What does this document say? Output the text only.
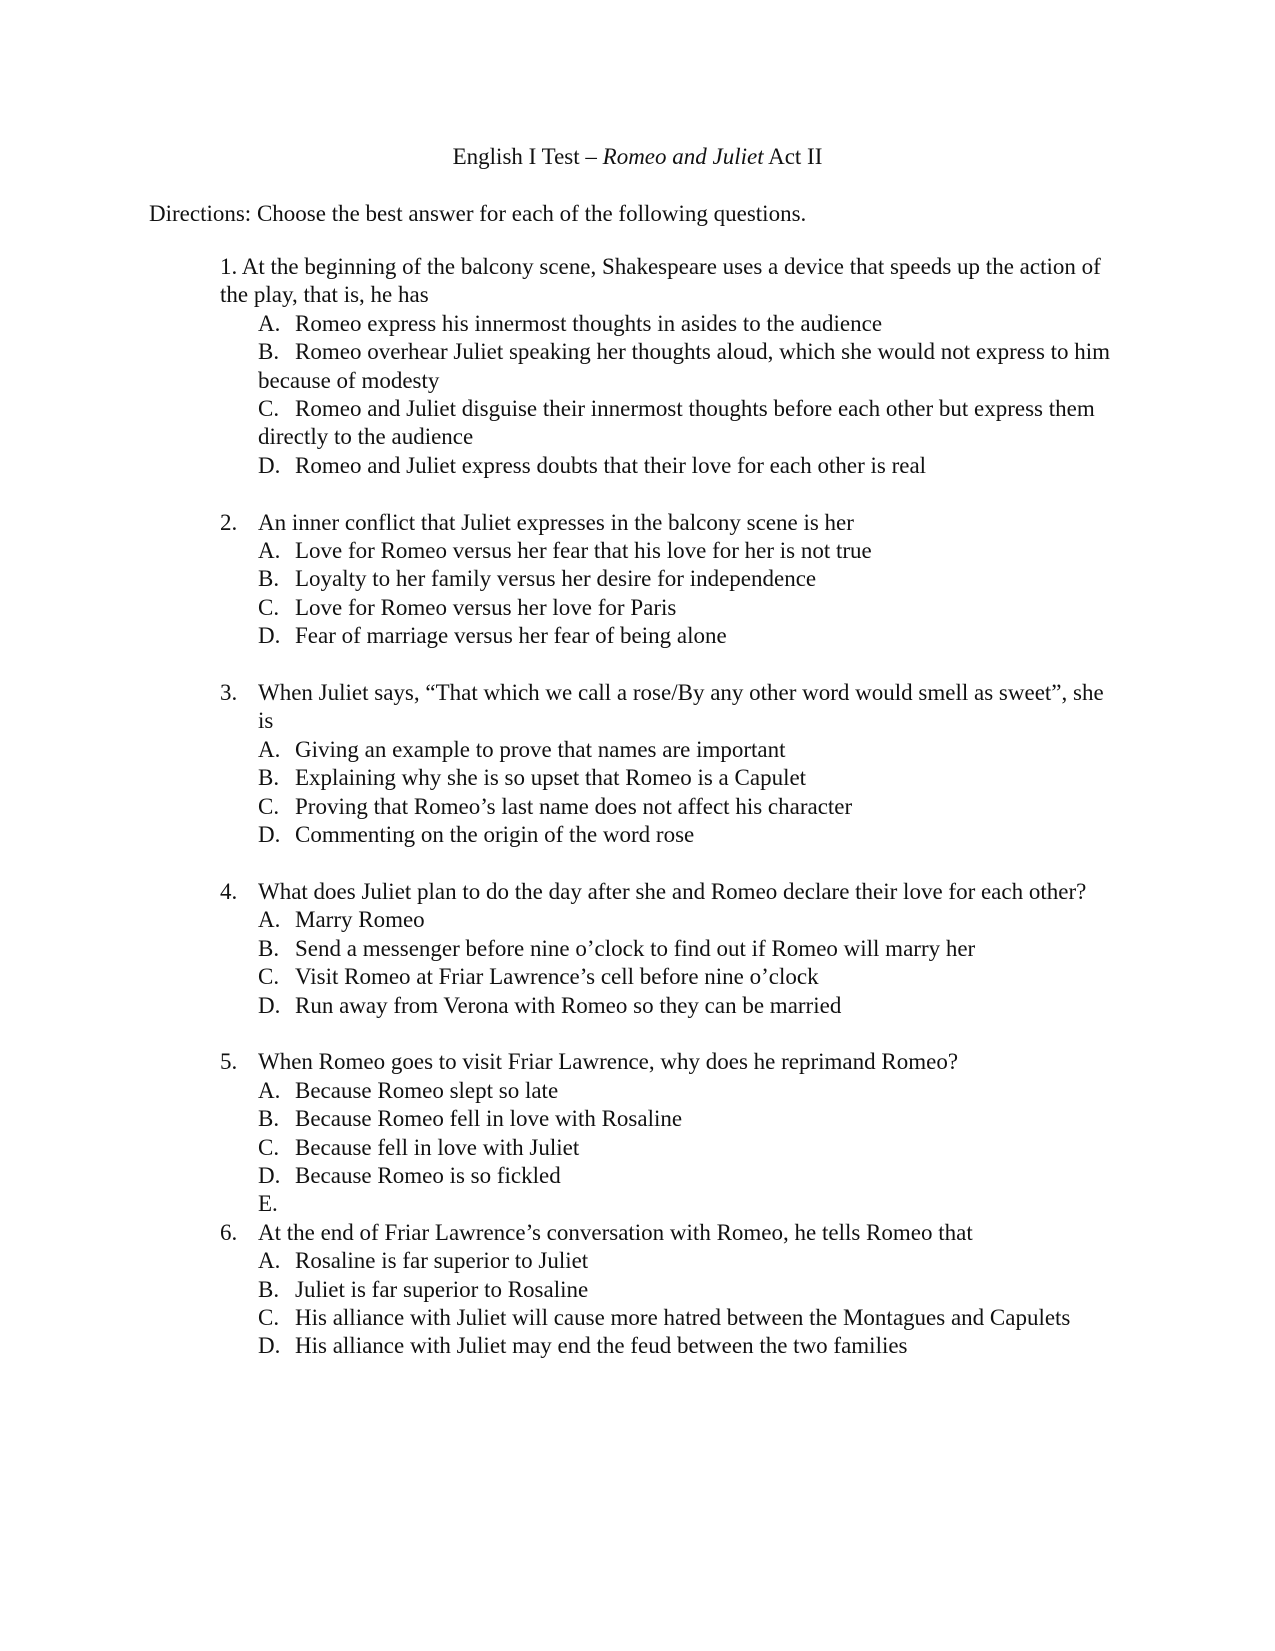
English I Test – Romeo and Juliet Act II
Directions: Choose the best answer for each of the following questions.
1. At the beginning of the balcony scene, Shakespeare uses a device that speeds up the action of the play, that is, he has
A. Romeo express his innermost thoughts in asides to the audience
B. Romeo overhear Juliet speaking her thoughts aloud, which she would not express to him because of modesty
C. Romeo and Juliet disguise their innermost thoughts before each other but express them directly to the audience
D. Romeo and Juliet express doubts that their love for each other is real
2. An inner conflict that Juliet expresses in the balcony scene is her
A. Love for Romeo versus her fear that his love for her is not true
B. Loyalty to her family versus her desire for independence
C. Love for Romeo versus her love for Paris
D. Fear of marriage versus her fear of being alone
3. When Juliet says, “That which we call a rose/By any other word would smell as sweet”, she is
A. Giving an example to prove that names are important
B. Explaining why she is so upset that Romeo is a Capulet
C. Proving that Romeo’s last name does not affect his character
D. Commenting on the origin of the word rose
4. What does Juliet plan to do the day after she and Romeo declare their love for each other?
A. Marry Romeo
B. Send a messenger before nine o’clock to find out if Romeo will marry her
C. Visit Romeo at Friar Lawrence’s cell before nine o’clock
D. Run away from Verona with Romeo so they can be married
5. When Romeo goes to visit Friar Lawrence, why does he reprimand Romeo?
A. Because Romeo slept so late
B. Because Romeo fell in love with Rosaline
C. Because fell in love with Juliet
D. Because Romeo is so fickled
E.
6. At the end of Friar Lawrence’s conversation with Romeo, he tells Romeo that
A. Rosaline is far superior to Juliet
B. Juliet is far superior to Rosaline
C. His alliance with Juliet will cause more hatred between the Montagues and Capulets
D. His alliance with Juliet may end the feud between the two families
